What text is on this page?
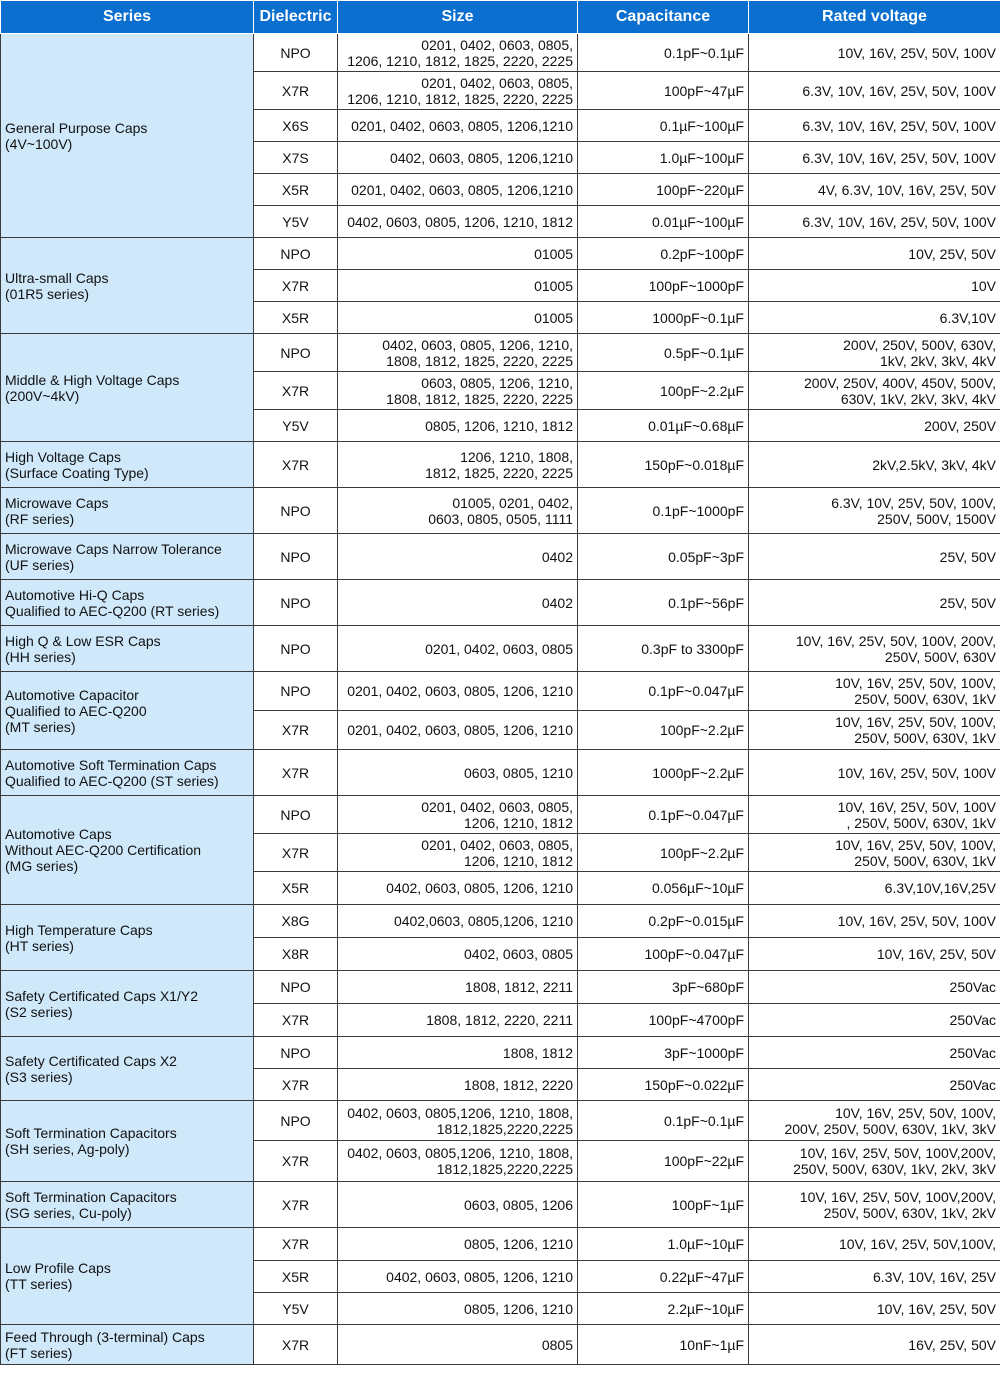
Series	Dielectric	Size	Capacitance	Rated voltage

General Purpose Caps
(4V~100V)	NPO	0201, 0402, 0603, 0805,
1206, 1210, 1812, 1825, 2220, 2225	0.1pF~0.1µF	10V, 16V, 25V, 50V, 100V

	X7R	0201, 0402, 0603, 0805,
1206, 1210, 1812, 1825, 2220, 2225	100pF~47µF	6.3V, 10V, 16V, 25V, 50V, 100V

	X6S	0201, 0402, 0603, 0805, 1206,1210	0.1µF~100µF	6.3V, 10V, 16V, 25V, 50V, 100V

	X7S	0402, 0603, 0805, 1206,1210	1.0µF~100µF	6.3V, 10V, 16V, 25V, 50V, 100V

	X5R	0201, 0402, 0603, 0805, 1206,1210	100pF~220µF	4V, 6.3V, 10V, 16V, 25V, 50V

	Y5V	0402, 0603, 0805, 1206, 1210, 1812	0.01µF~100µF	6.3V, 10V, 16V, 25V, 50V, 100V

Ultra-small Caps
(01R5 series)	NPO	01005	0.2pF~100pF	10V, 25V, 50V

	X7R	01005	100pF~1000pF	10V

	X5R	01005	1000pF~0.1µF	6.3V,10V

Middle & High Voltage Caps
(200V~4kV)	NPO	0402, 0603, 0805, 1206, 1210,
1808, 1812, 1825, 2220, 2225	0.5pF~0.1µF	200V, 250V, 500V, 630V,
1kV, 2kV, 3kV, 4kV

	X7R	0603, 0805, 1206, 1210,
1808, 1812, 1825, 2220, 2225	100pF~2.2µF	200V, 250V, 400V, 450V, 500V,
630V, 1kV, 2kV, 3kV, 4kV

	Y5V	0805, 1206, 1210, 1812	0.01µF~0.68µF	200V, 250V

High Voltage Caps
(Surface Coating Type)	X7R	1206, 1210, 1808,
1812, 1825, 2220, 2225	150pF~0.018µF	2kV,2.5kV, 3kV, 4kV

Microwave Caps
(RF series)	NPO	01005, 0201, 0402,
0603, 0805, 0505, 1111	0.1pF~1000pF	6.3V, 10V, 25V, 50V, 100V,
250V, 500V, 1500V

Microwave Caps Narrow Tolerance
(UF series)	NPO	0402	0.05pF~3pF	25V, 50V

Automotive Hi-Q Caps
Qualified to AEC-Q200 (RT series)	NPO	0402	0.1pF~56pF	25V, 50V

High Q & Low ESR Caps
(HH series)	NPO	0201, 0402, 0603, 0805	0.3pF to 3300pF	10V, 16V, 25V, 50V, 100V, 200V,
250V, 500V, 630V

Automotive Capacitor
Qualified to AEC-Q200
(MT series)	NPO	0201, 0402, 0603, 0805, 1206, 1210	0.1pF~0.047µF	10V, 16V, 25V, 50V, 100V,
250V, 500V, 630V, 1kV

	X7R	0201, 0402, 0603, 0805, 1206, 1210	100pF~2.2µF	10V, 16V, 25V, 50V, 100V,
250V, 500V, 630V, 1kV

Automotive Soft Termination Caps
Qualified to AEC-Q200 (ST series)	X7R	0603, 0805, 1210	1000pF~2.2µF	10V, 16V, 25V, 50V, 100V

Automotive Caps
Without AEC-Q200 Certification
(MG series)	NPO	0201, 0402, 0603, 0805,
1206, 1210, 1812	0.1pF~0.047µF	10V, 16V, 25V, 50V, 100V
, 250V, 500V, 630V, 1kV

	X7R	0201, 0402, 0603, 0805,
1206, 1210, 1812	100pF~2.2µF	10V, 16V, 25V, 50V, 100V,
250V, 500V, 630V, 1kV

	X5R	0402, 0603, 0805, 1206, 1210	0.056µF~10µF	6.3V,10V,16V,25V

High Temperature Caps
(HT series)	X8G	0402,0603, 0805,1206, 1210	0.2pF~0.015µF	10V, 16V, 25V, 50V, 100V

	X8R	0402, 0603, 0805	100pF~0.047µF	10V, 16V, 25V, 50V

Safety Certificated Caps X1/Y2
(S2 series)	NPO	1808, 1812, 2211	3pF~680pF	250Vac

	X7R	1808, 1812, 2220, 2211	100pF~4700pF	250Vac

Safety Certificated Caps X2
(S3 series)	NPO	1808, 1812	3pF~1000pF	250Vac

	X7R	1808, 1812, 2220	150pF~0.022µF	250Vac

Soft Termination Capacitors
(SH series, Ag-poly)	NPO	0402, 0603, 0805,1206, 1210, 1808,
1812,1825,2220,2225	0.1pF~0.1µF	10V, 16V, 25V, 50V, 100V,
200V, 250V, 500V, 630V, 1kV, 3kV

	X7R	0402, 0603, 0805,1206, 1210, 1808,
1812,1825,2220,2225	100pF~22µF	10V, 16V, 25V, 50V, 100V,200V,
250V, 500V, 630V, 1kV, 2kV, 3kV

Soft Termination Capacitors
(SG series, Cu-poly)	X7R	0603, 0805, 1206	100pF~1µF	10V, 16V, 25V, 50V, 100V,200V,
250V, 500V, 630V, 1kV, 2kV

Low Profile Caps
(TT series)	X7R	0805, 1206, 1210	1.0µF~10µF	10V, 16V, 25V, 50V,100V,

	X5R	0402, 0603, 0805, 1206, 1210	0.22µF~47µF	6.3V, 10V, 16V, 25V

	Y5V	0805, 1206, 1210	2.2µF~10µF	10V, 16V, 25V, 50V

Feed Through (3-terminal) Caps
(FT series)	X7R	0805	10nF~1µF	16V, 25V, 50V
